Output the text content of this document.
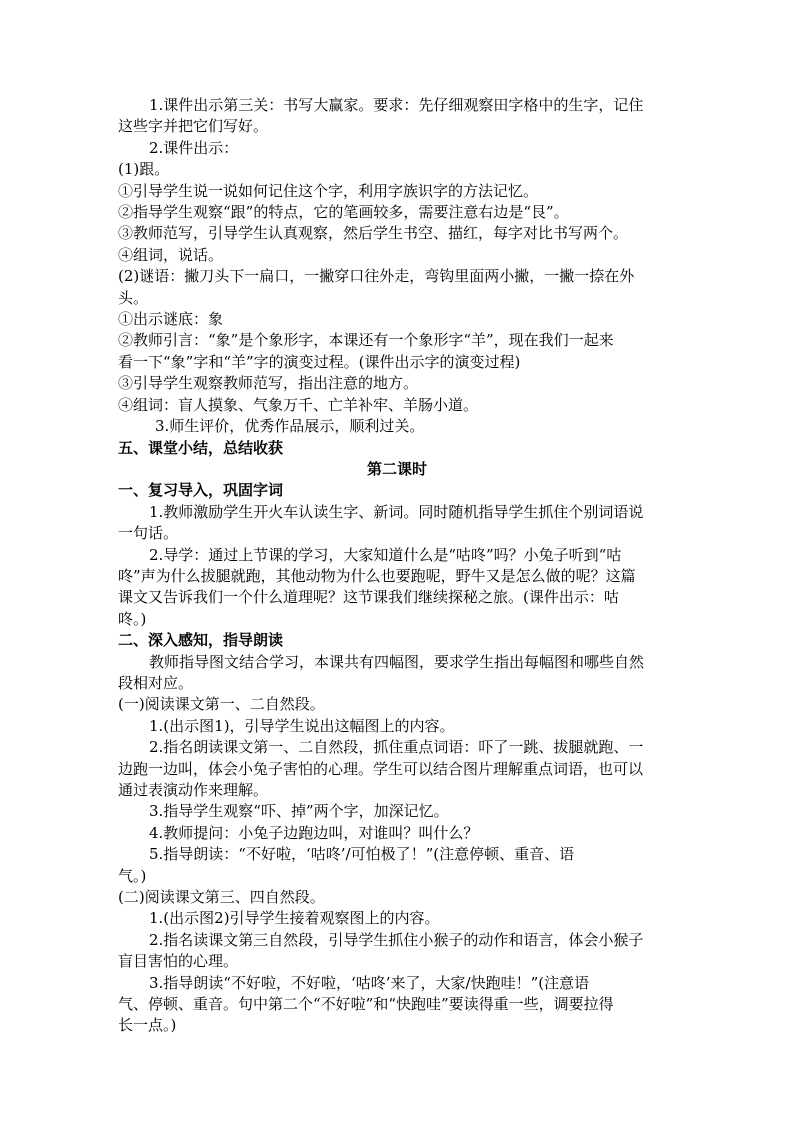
1.课件出示第三关：书写大赢家。要求：先仔细观察田字格中的生字，记住
这些字并把它们写好。
2.课件出示：
(1)跟。
①引导学生说一说如何记住这个字，利用字族识字的方法记忆。
②指导学生观察“跟”的特点，它的笔画较多，需要注意右边是“艮”。
③教师范写，引导学生认真观察，然后学生书空、描红，每字对比书写两个。
④组词，说话。
(2)谜语：撇刀头下一扁口，一撇穿口往外走，弯钩里面两小撇，一撇一捺在外
头。
①出示谜底：象
②教师引言：“象”是个象形字，本课还有一个象形字“羊”，现在我们一起来
看一下“象”字和“羊”字的演变过程。(课件出示字的演变过程)
③引导学生观察教师范写，指出注意的地方。
④组词：盲人摸象、气象万千、亡羊补牢、羊肠小道。
3.师生评价，优秀作品展示，顺利过关。
五、课堂小结，总结收获
第二课时
一、复习导入，巩固字词
1.教师激励学生开火车认读生字、新词。同时随机指导学生抓住个别词语说
一句话。
2.导学：通过上节课的学习，大家知道什么是“咕咚”吗？小兔子听到“咕
咚”声为什么拔腿就跑，其他动物为什么也要跑呢，野牛又是怎么做的呢？这篇
课文又告诉我们一个什么道理呢？这节课我们继续探秘之旅。(课件出示：咕
咚。)
二、深入感知，指导朗读
教师指导图文结合学习，本课共有四幅图，要求学生指出每幅图和哪些自然
段相对应。
(一)阅读课文第一、二自然段。
1.(出示图1)，引导学生说出这幅图上的内容。
2.指名朗读课文第一、二自然段，抓住重点词语：吓了一跳、拔腿就跑、一
边跑一边叫，体会小兔子害怕的心理。学生可以结合图片理解重点词语，也可以
通过表演动作来理解。
3.指导学生观察“吓、掉”两个字，加深记忆。
4.教师提问：小兔子边跑边叫，对谁叫？叫什么？
5.指导朗读：“不好啦，‘咕咚’/可怕极了！”(注意停顿、重音、语
气。)
(二)阅读课文第三、四自然段。
1.(出示图2)引导学生接着观察图上的内容。
2.指名读课文第三自然段，引导学生抓住小猴子的动作和语言，体会小猴子
盲目害怕的心理。
3.指导朗读“不好啦，不好啦，‘咕咚’来了，大家/快跑哇！”(注意语
气、停顿、重音。句中第二个“不好啦”和“快跑哇”要读得重一些，调要拉得
长一点。)
